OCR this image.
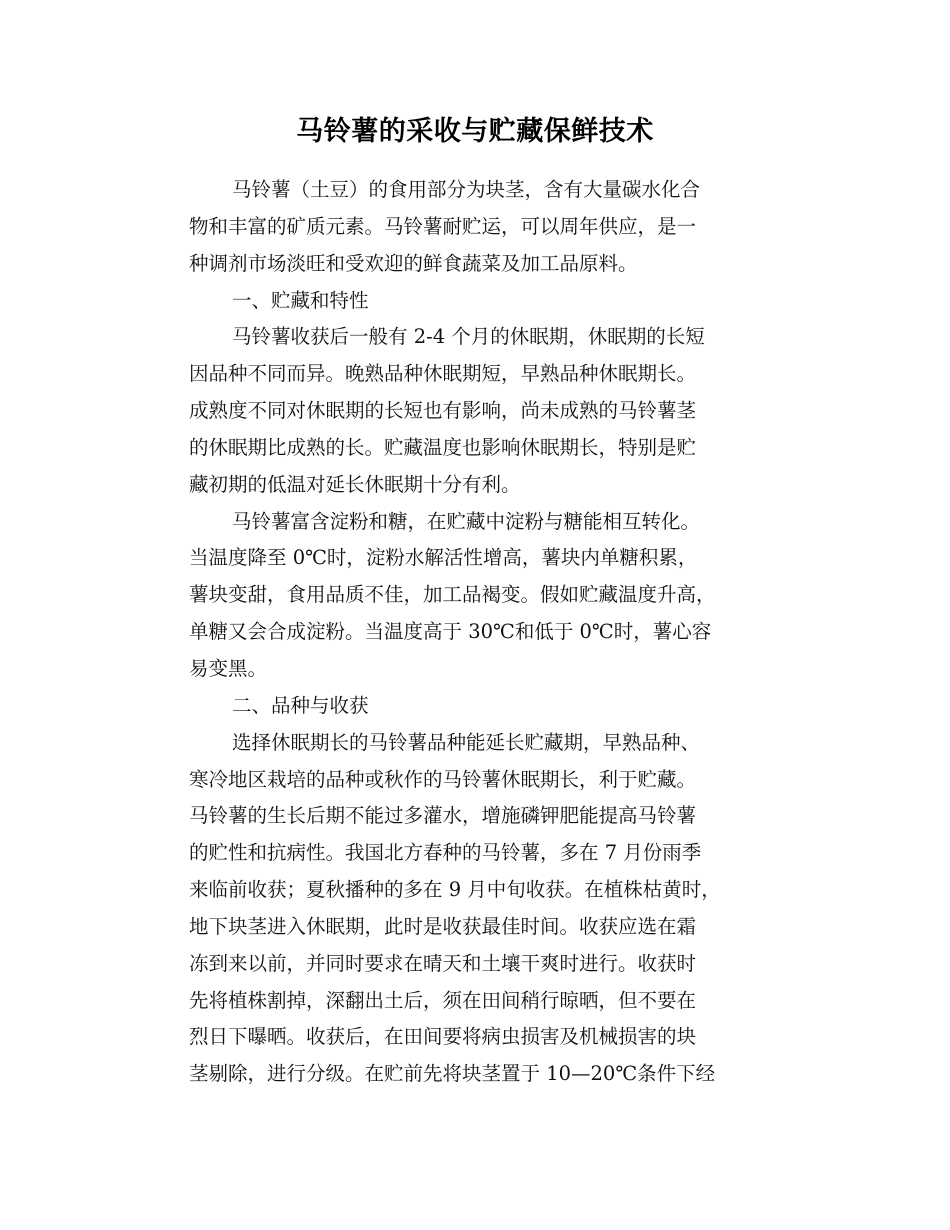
马铃薯的采收与贮藏保鲜技术
马铃薯（土豆）的食用部分为块茎，含有大量碳水化合
物和丰富的矿质元素。马铃薯耐贮运，可以周年供应，是一
种调剂市场淡旺和受欢迎的鲜食蔬菜及加工品原料。
一、贮藏和特性
马铃薯收获后一般有 2-4 个月的休眠期，休眠期的长短
因品种不同而异。晚熟品种休眠期短，早熟品种休眠期长。
成熟度不同对休眠期的长短也有影响，尚未成熟的马铃薯茎
的休眠期比成熟的长。贮藏温度也影响休眠期长，特别是贮
藏初期的低温对延长休眠期十分有利。
马铃薯富含淀粉和糖，在贮藏中淀粉与糖能相互转化。
当温度降至 0℃时，淀粉水解活性增高，薯块内单糖积累，
薯块变甜，食用品质不佳，加工品褐变。假如贮藏温度升高，
单糖又会合成淀粉。当温度高于 30℃和低于 0℃时，薯心容
易变黑。
二、品种与收获
选择休眠期长的马铃薯品种能延长贮藏期，早熟品种、
寒冷地区栽培的品种或秋作的马铃薯休眠期长，利于贮藏。
马铃薯的生长后期不能过多灌水，增施磷钾肥能提高马铃薯
的贮性和抗病性。我国北方春种的马铃薯，多在 7 月份雨季
来临前收获；夏秋播种的多在 9 月中旬收获。在植株枯黄时，
地下块茎进入休眠期，此时是收获最佳时间。收获应选在霜
冻到来以前，并同时要求在晴天和土壤干爽时进行。收获时
先将植株割掉，深翻出土后，须在田间稍行晾晒，但不要在
烈日下曝晒。收获后，在田间要将病虫损害及机械损害的块
茎剔除，进行分级。在贮前先将块茎置于 10—20℃条件下经
